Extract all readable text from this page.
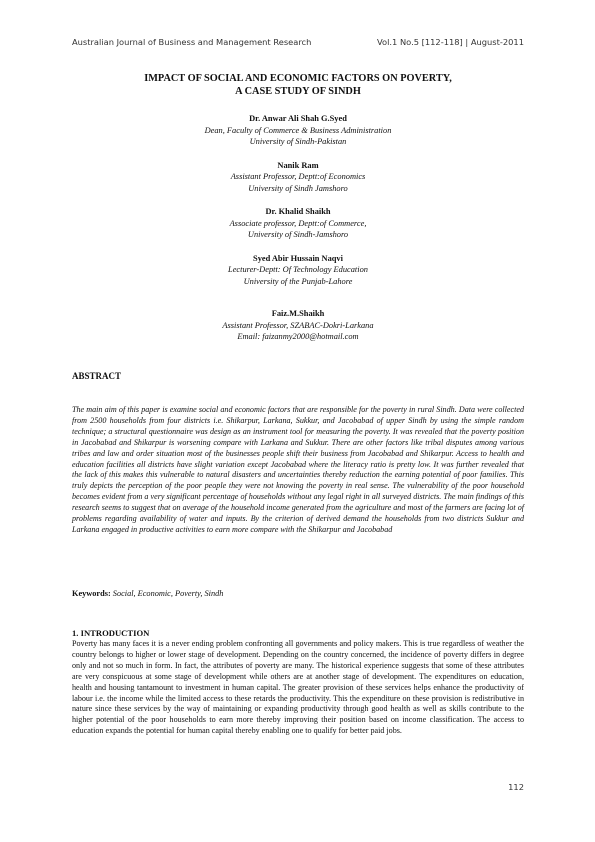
Australian Journal of Business and Management Research	Vol.1 No.5 [112-118] | August-2011
IMPACT OF SOCIAL AND ECONOMIC FACTORS ON POVERTY,
A CASE STUDY OF SINDH
Dr. Anwar Ali Shah G.Syed
Dean, Faculty of Commerce & Business Administration
University of Sindh-Pakistan
Nanik Ram
Assistant Professor, Deptt:of Economics
University of Sindh Jamshoro
Dr. Khalid Shaikh
Associate professor, Deptt:of Commerce,
University of Sindh-Jamshoro
Syed Abir Hussain Naqvi
Lecturer-Deptt: Of Technology Education
University of the Punjab-Lahore
Faiz.M.Shaikh
Assistant Professor, SZABAC-Dokri-Larkana
Email: faizanmy2000@hotmail.com
ABSTRACT

The main aim of this paper is examine social and economic factors that are responsible for the poverty in rural Sindh. Data were collected from 2500 households from four districts i.e. Shikarpur, Larkana, Sukkur, and Jacobabad of upper Sindh by using the simple random technique; a structural questionnaire was design as an instrument tool for measuring the poverty. It was revealed that the poverty position in Jacobabad and Shikarpur is worsening compare with Larkana and Sukkur. There are other factors like tribal disputes among various tribes and law and order situation most of the businesses people shift their business from Jacobabad and Shikarpur. Access to health and education facilities all districts have slight variation except Jacobabad where the literacy ratio is pretty low. It was further revealed that the lack of this makes this vulnerable to natural disasters and uncertainties thereby reduction the earning potential of poor families. This truly depicts the perception of the poor people they were not knowing the poverty in real sense. The vulnerability of the poor household becomes evident from a very significant percentage of households without any legal right in all surveyed districts. The main findings of this research seems to suggest that on average of the household income generated from the agriculture and most of the farmers are facing lot of problems regarding availability of water and inputs. By the criterion of derived demand the households from two districts Sukkur and Larkana engaged in productive activities to earn more compare with the Shikarpur and Jacobabad

Keywords: Social, Economic, Poverty, Sindh
1. INTRODUCTION

Poverty has many faces it is a never ending problem confronting all governments and policy makers. This is true regardless of weather the country belongs to higher or lower stage of development. Depending on the country concerned, the incidence of poverty differs in degree only and not so much in form. In fact, the attributes of poverty are many. The historical experience suggests that some of these attributes are very conspicuous at some stage of development while others are at another stage of development. The expenditures on education, health and housing tantamount to investment in human capital. The greater provision of these services helps enhance the productivity of labour i.e. the income while the limited access to these retards the productivity. This the expenditure on these provision is redistributive in nature since these services by the way of maintaining or expanding productivity through good health as well as skills contribute to the higher potential of the poor households to earn more thereby improving their position based on income classification. The access to education expands the potential for human capital thereby enabling one to qualify for better paid jobs.

112
